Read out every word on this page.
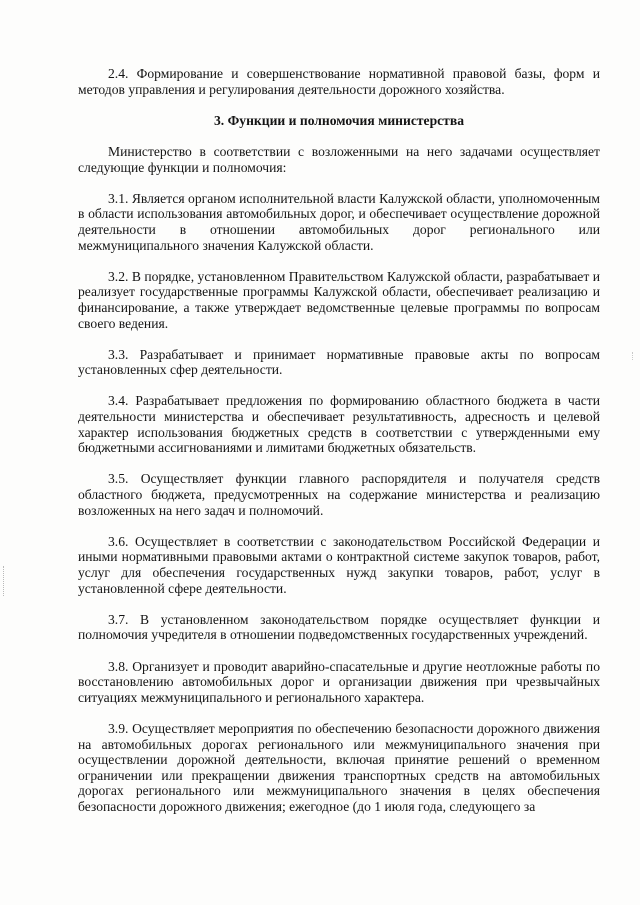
2.4. Формирование и совершенствование нормативной правовой базы, форм и методов управления и регулирования деятельности дорожного хозяйства.

3. Функции и полномочия министерства

Министерство в соответствии с возложенными на него задачами осуществляет следующие функции и полномочия:

3.1. Является органом исполнительной власти Калужской области, уполномоченным в области использования автомобильных дорог, и обеспечивает осуществление дорожной деятельности в отношении автомобильных дорог регионального или межмуниципального значения Калужской области.

3.2. В порядке, установленном Правительством Калужской области, разрабатывает и реализует государственные программы Калужской области, обеспечивает реализацию и финансирование, а также утверждает ведомственные целевые программы по вопросам своего ведения.

3.3. Разрабатывает и принимает нормативные правовые акты по вопросам установленных сфер деятельности.

3.4. Разрабатывает предложения по формированию областного бюджета в части деятельности министерства и обеспечивает результативность, адресность и целевой характер использования бюджетных средств в соответствии с утвержденными ему бюджетными ассигнованиями и лимитами бюджетных обязательств.

3.5. Осуществляет функции главного распорядителя и получателя средств областного бюджета, предусмотренных на содержание министерства и реализацию возложенных на него задач и полномочий.

3.6. Осуществляет в соответствии с законодательством Российской Федерации и иными нормативными правовыми актами о контрактной системе закупок товаров, работ, услуг для обеспечения государственных нужд закупки товаров, работ, услуг в установленной сфере деятельности.

3.7. В установленном законодательством порядке осуществляет функции и полномочия учредителя в отношении подведомственных государственных учреждений.

3.8. Организует и проводит аварийно-спасательные и другие неотложные работы по восстановлению автомобильных дорог и организации движения при чрезвычайных ситуациях межмуниципального и регионального характера.

3.9. Осуществляет мероприятия по обеспечению безопасности дорожного движения на автомобильных дорогах регионального или межмуниципального значения при осуществлении дорожной деятельности, включая принятие решений о временном ограничении или прекращении движения транспортных средств на автомобильных дорогах регионального или межмуниципального значения в целях обеспечения безопасности дорожного движения; ежегодное (до 1 июля года, следующего за
